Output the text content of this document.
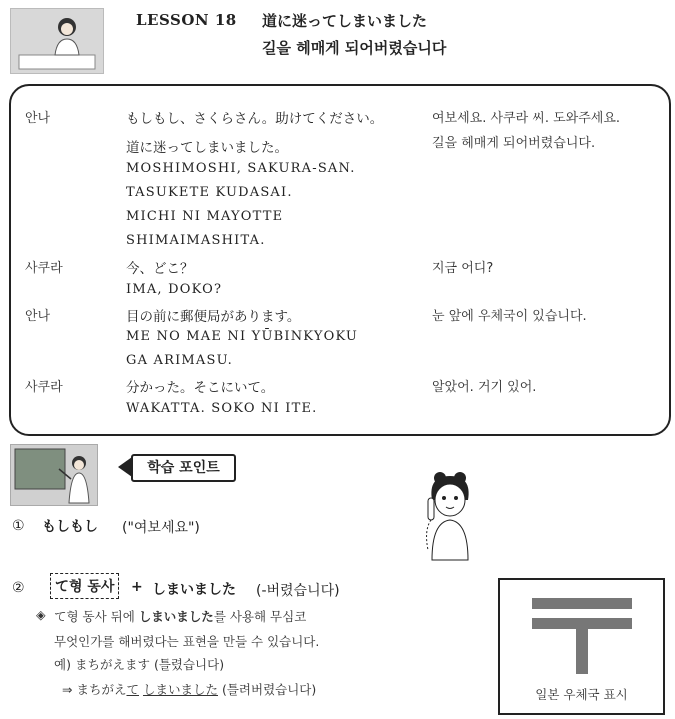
LESSON 18 道に迷ってしまいました
길을 헤매게 되어버렸습니다
안나	もしもし、さくらさん。助けてください。
道に迷ってしまいました。
MOSHIMOSHI, SAKURA-SAN.
TASUKETE KUDASAI.
MICHI NI MAYOTTE
SHIMAIMASHITA.
여보세요. 사쿠라 씨. 도와주세요.
길을 헤매게 되어버렸습니다.
사쿠라	今、どこ？
IMA, DOKO?
지금 어디?
안나	目の前に郵便局があります。
ME NO MAE NI YŪBINKYOKU
GA ARIMASU.
눈 앞에 우체국이 있습니다.
사쿠라	分かった。そこにいて。
WAKATTA. SOKO NI ITE.
알았어. 거기 있어.
학습 포인트
① もしもし ("여보세요")
②	て형 동사	+ しまいました (-버렸습니다)
◈ て형 동사 뒤에 しまいました를 사용해 무심코
무엇인가를 해버렸다는 표현을 만들 수 있습니다.
예) まちがえます (틀렸습니다)
⇒ まちがえて しまいました (틀려버렸습니다)	일본 우체국 표시
